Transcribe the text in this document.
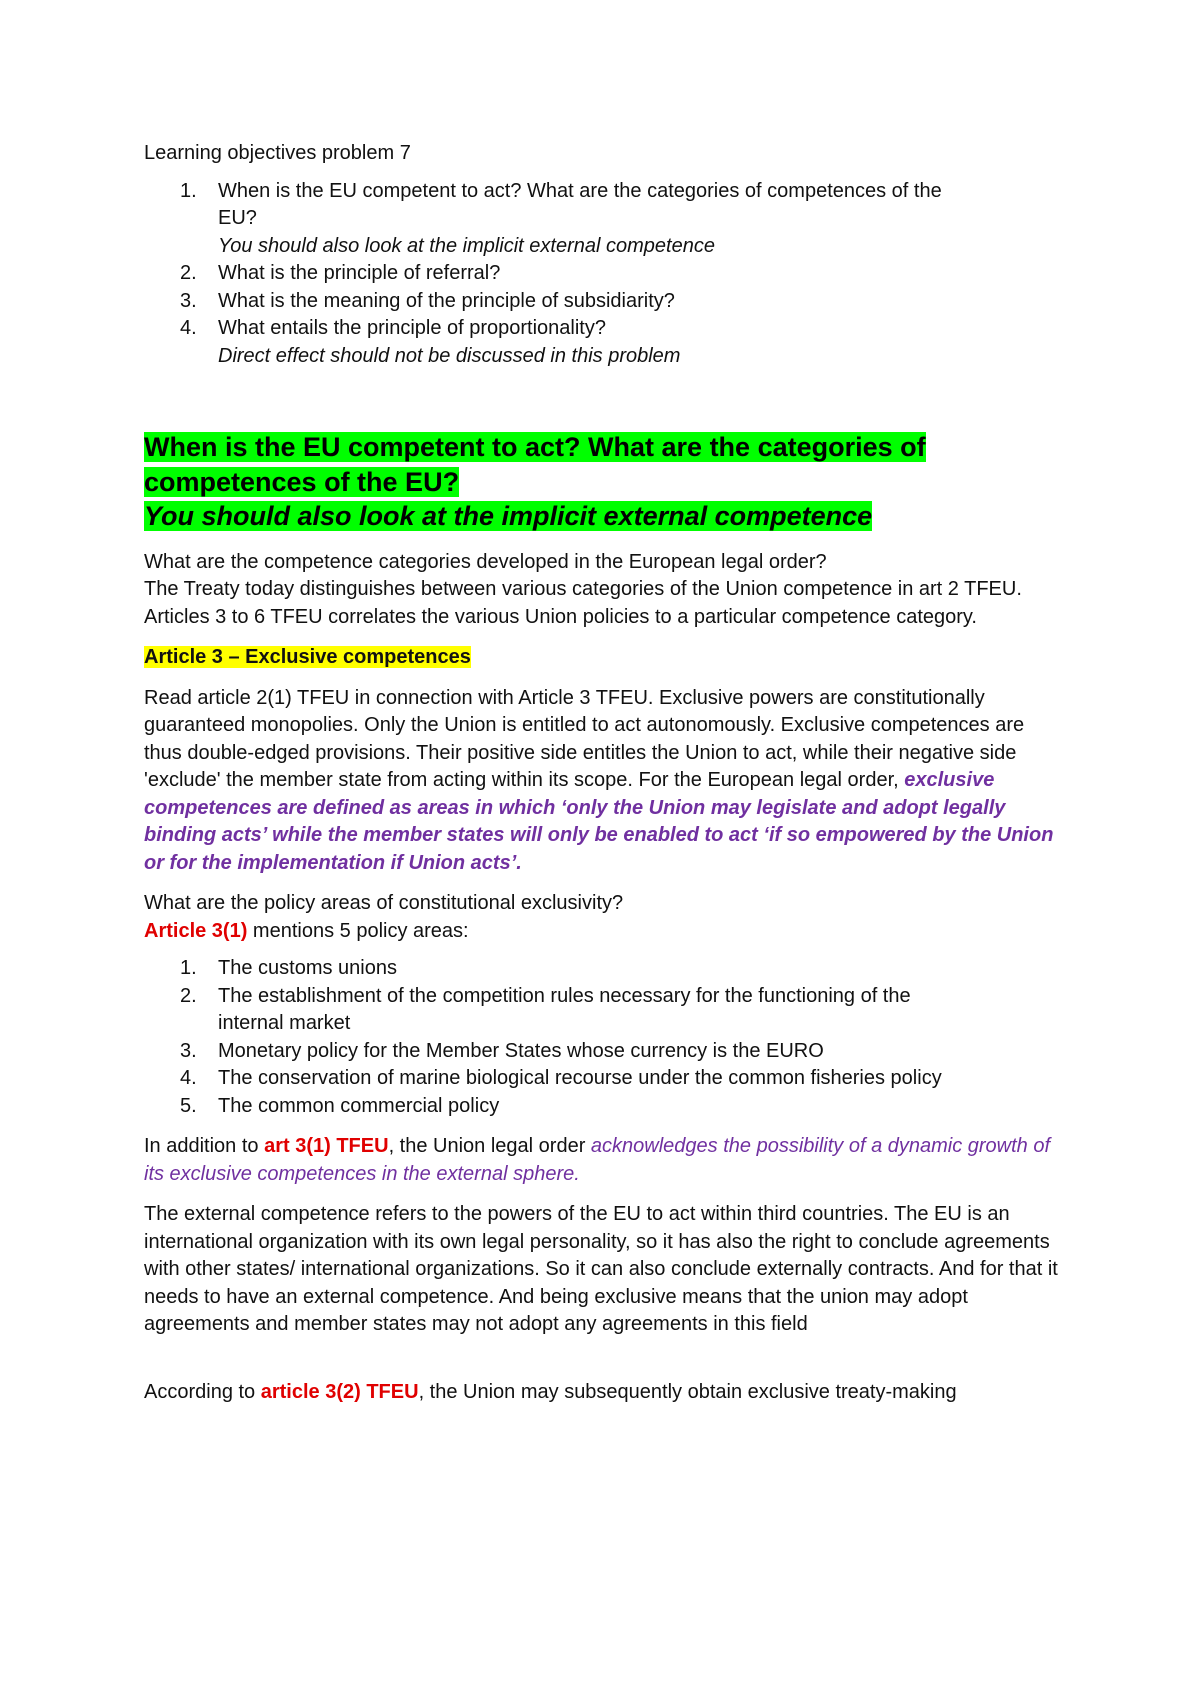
Learning objectives problem 7

1. When is the EU competent to act? What are the categories of competences of the
EU?
You should also look at the implicit external competence
2. What is the principle of referral?
3. What is the meaning of the principle of subsidiarity?
4. What entails the principle of proportionality?
Direct effect should not be discussed in this problem
When is the EU competent to act? What are the categories of
competences of the EU?
You should also look at the implicit external competence

What are the competence categories developed in the European legal order?

The Treaty today distinguishes between various categories of the Union competence in art 2 TFEU. Articles 3 to 6 TFEU correlates the various Union policies to a particular competence category.

Article 3 – Exclusive competences

Read article 2(1) TFEU in connection with Article 3 TFEU. Exclusive powers are constitutionally guaranteed monopolies. Only the Union is entitled to act autonomously. Exclusive competences are thus double-edged provisions. Their positive side entitles the Union to act, while their negative side 'exclude' the member state from acting within its scope. For the European legal order, exclusive competences are defined as areas in which ‘only the Union may legislate and adopt legally binding acts’ while the member states will only be enabled to act ‘if so empowered by the Union or for the implementation if Union acts’.

What are the policy areas of constitutional exclusivity?

Article 3(1) mentions 5 policy areas:

1. The customs unions
2. The establishment of the competition rules necessary for the functioning of the
internal market
3. Monetary policy for the Member States whose currency is the EURO
4. The conservation of marine biological recourse under the common fisheries policy
5. The common commercial policy

In addition to art 3(1) TFEU, the Union legal order acknowledges the possibility of a dynamic growth of its exclusive competences in the external sphere.

The external competence refers to the powers of the EU to act within third countries. The EU is an international organization with its own legal personality, so it has also the right to conclude agreements with other states/ international organizations. So it can also conclude externally contracts. And for that it needs to have an external competence. And being exclusive means that the union may adopt agreements and member states may not adopt any agreements in this field

According to article 3(2) TFEU, the Union may subsequently obtain exclusive treaty-making
